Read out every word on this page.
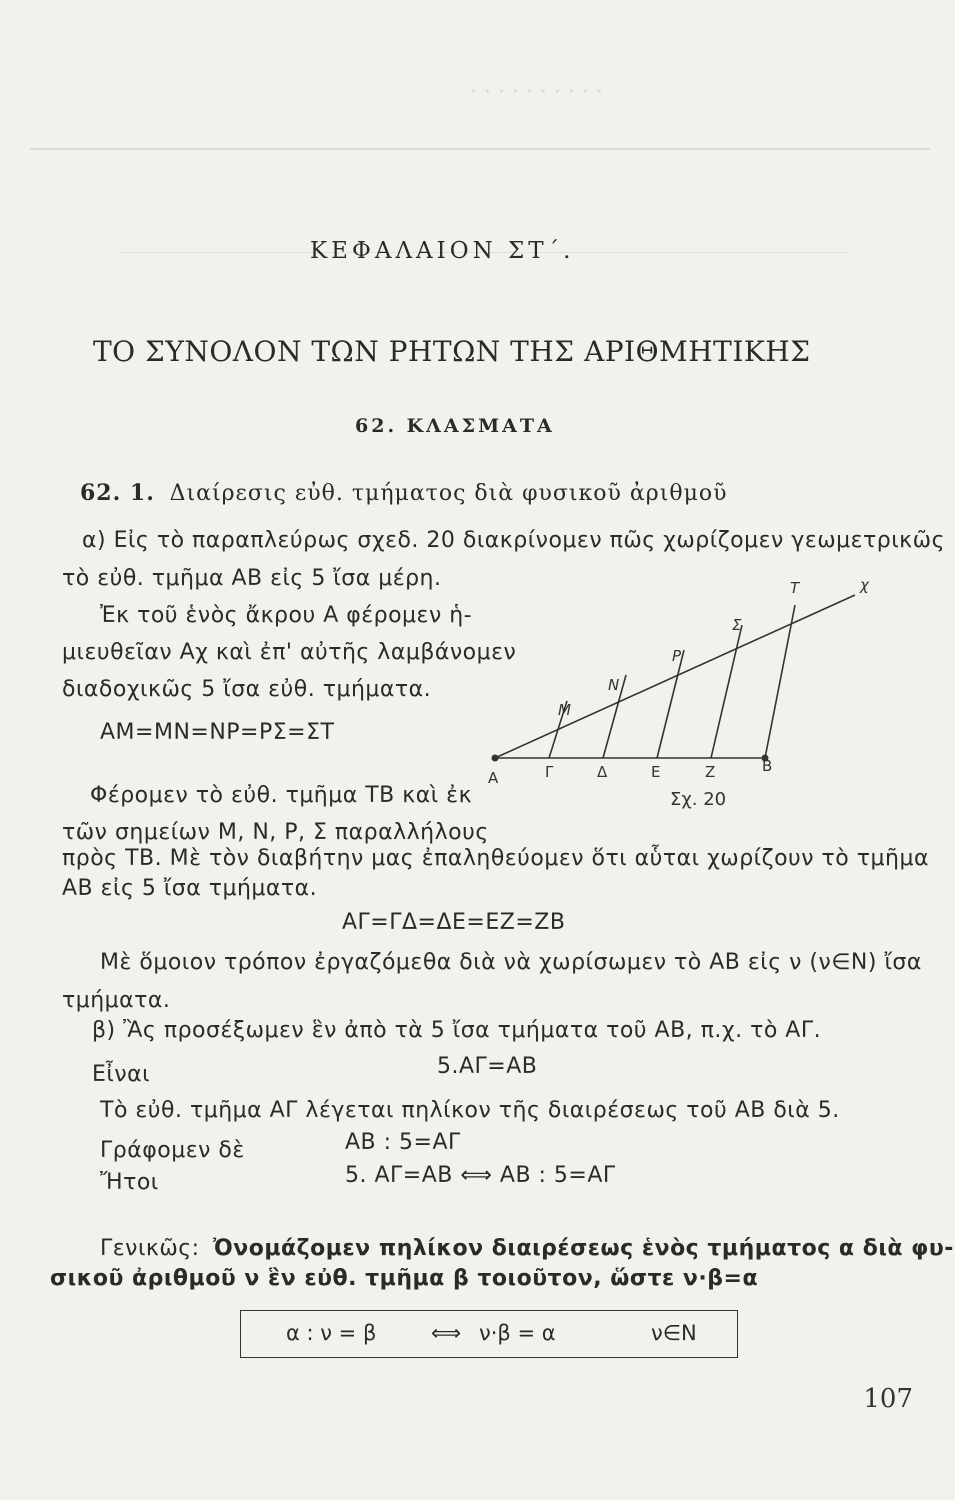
· · · · · · · · · ·
ΚΕΦΑΛΑΙΟΝ ΣΤ΄.
ΤΟ ΣΥΝΟΛΟΝ ΤΩΝ ΡΗΤΩΝ ΤΗΣ ΑΡΙΘΜΗΤΙΚΗΣ
62. ΚΛΑΣΜΑΤΑ
62. 1. Διαίρεσις εὐθ. τμήματος διὰ φυσικοῦ ἀριθμοῦ
α) Εἰς τὸ παραπλεύρως σχεδ. 20 διακρίνομεν πῶς χωρίζομεν γεωμετρικῶς
τὸ εὐθ. τμῆμα ΑΒ εἰς 5 ἴσα μέρη.
Ἐκ τοῦ ἑνὸς ἄκρου Α φέρομεν ἡ-
μιευθεῖαν Αχ καὶ ἐπ' αὐτῆς λαμβάνομεν
διαδοχικῶς 5 ἴσα εὐθ. τμήματα.
ΑΜ=ΜΝ=ΝΡ=ΡΣ=ΣΤ
Φέρομεν τὸ εὐθ. τμῆμα ΤΒ καὶ ἐκ
τῶν σημείων Μ, Ν, Ρ, Σ παραλλήλους
πρὸς ΤΒ. Μὲ τὸν διαβήτην μας ἐπαληθεύομεν ὅτι αὗται χωρίζουν τὸ τμῆμα
ΑΒ εἰς 5 ἴσα τμήματα.
ΑΓ=ΓΔ=ΔΕ=ΕΖ=ΖΒ
Μὲ ὅμοιον τρόπον ἐργαζόμεθα διὰ νὰ χωρίσωμεν τὸ ΑΒ εἰς ν (ν∈Ν) ἴσα
τμήματα.
β) Ἂς προσέξωμεν ἓν ἀπὸ τὰ 5 ἴσα τμήματα τοῦ ΑΒ, π.χ. τὸ ΑΓ.
Εἶναι	5.ΑΓ=ΑΒ
Τὸ εὐθ. τμῆμα ΑΓ λέγεται πηλίκον τῆς διαιρέσεως τοῦ ΑΒ διὰ 5.
Γράφομεν δὲ	ΑΒ : 5=ΑΓ
Ἤτοι	5. ΑΓ=ΑΒ ⟺ ΑΒ : 5=ΑΓ
Γενικῶς: Ὀνομάζομεν πηλίκον διαιρέσεως ἑνὸς τμήματος α διὰ φυ-
σικοῦ ἀριθμοῦ ν ἓν εὐθ. τμῆμα β τοιοῦτον, ὥστε ν·β=α
α : ν = β	⟺ ν·β = α	ν∈Ν
Α	Γ	Δ	Ε	Ζ	Β
Μ
Ν
Ρ
Σ
Τ	χ
Σχ. 20
107
